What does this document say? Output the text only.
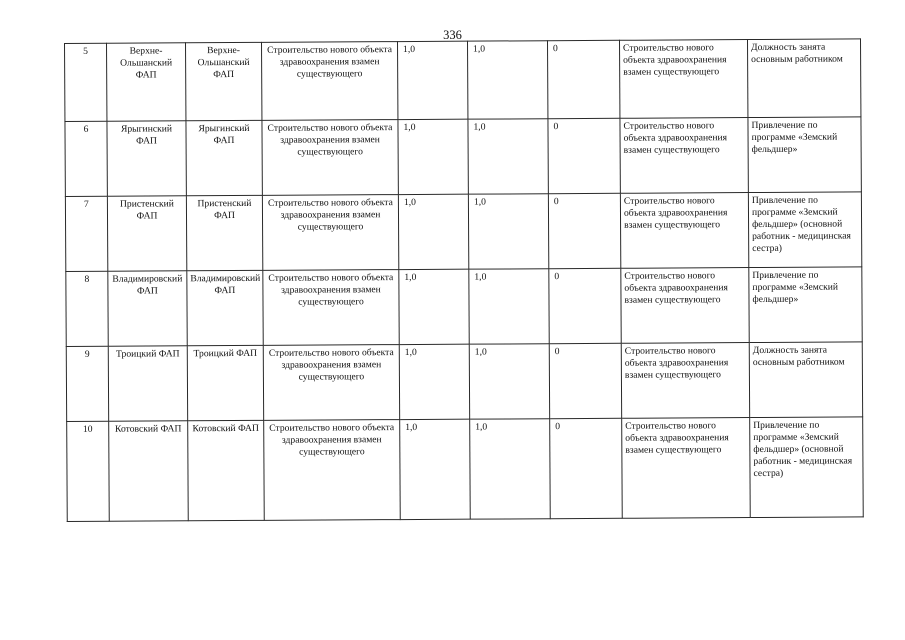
336
5	Верхне-Ольшанский ФАП	Верхне-Ольшанский ФАП	Строительство нового объекта здравоохранения взамен существующего	1,0	1,0	0	Строительство нового объекта здравоохранения взамен существующего	Должность занята основным работником
6	Ярыгинский ФАП	Ярыгинский ФАП	Строительство нового объекта здравоохранения взамен существующего	1,0	1,0	0	Строительство нового объекта здравоохранения взамен существующего	Привлечение по программе «Земский фельдшер»
7	Пристенский ФАП	Пристенский ФАП	Строительство нового объекта здравоохранения взамен существующего	1,0	1,0	0	Строительство нового объекта здравоохранения взамен существующего	Привлечение по программе «Земский фельдшер» (основной работник - медицинская сестра)
8	Владимировский ФАП	Владимировский ФАП	Строительство нового объекта здравоохранения взамен существующего	1,0	1,0	0	Строительство нового объекта здравоохранения взамен существующего	Привлечение по программе «Земский фельдшер»
9	Троицкий ФАП	Троицкий ФАП	Строительство нового объекта здравоохранения взамен существующего	1,0	1,0	0	Строительство нового объекта здравоохранения взамен существующего	Должность занята основным работником
10	Котовский ФАП	Котовский ФАП	Строительство нового объекта здравоохранения взамен существующего	1,0	1,0	0	Строительство нового объекта здравоохранения взамен существующего	Привлечение по программе «Земский фельдшер» (основной работник - медицинская сестра)
